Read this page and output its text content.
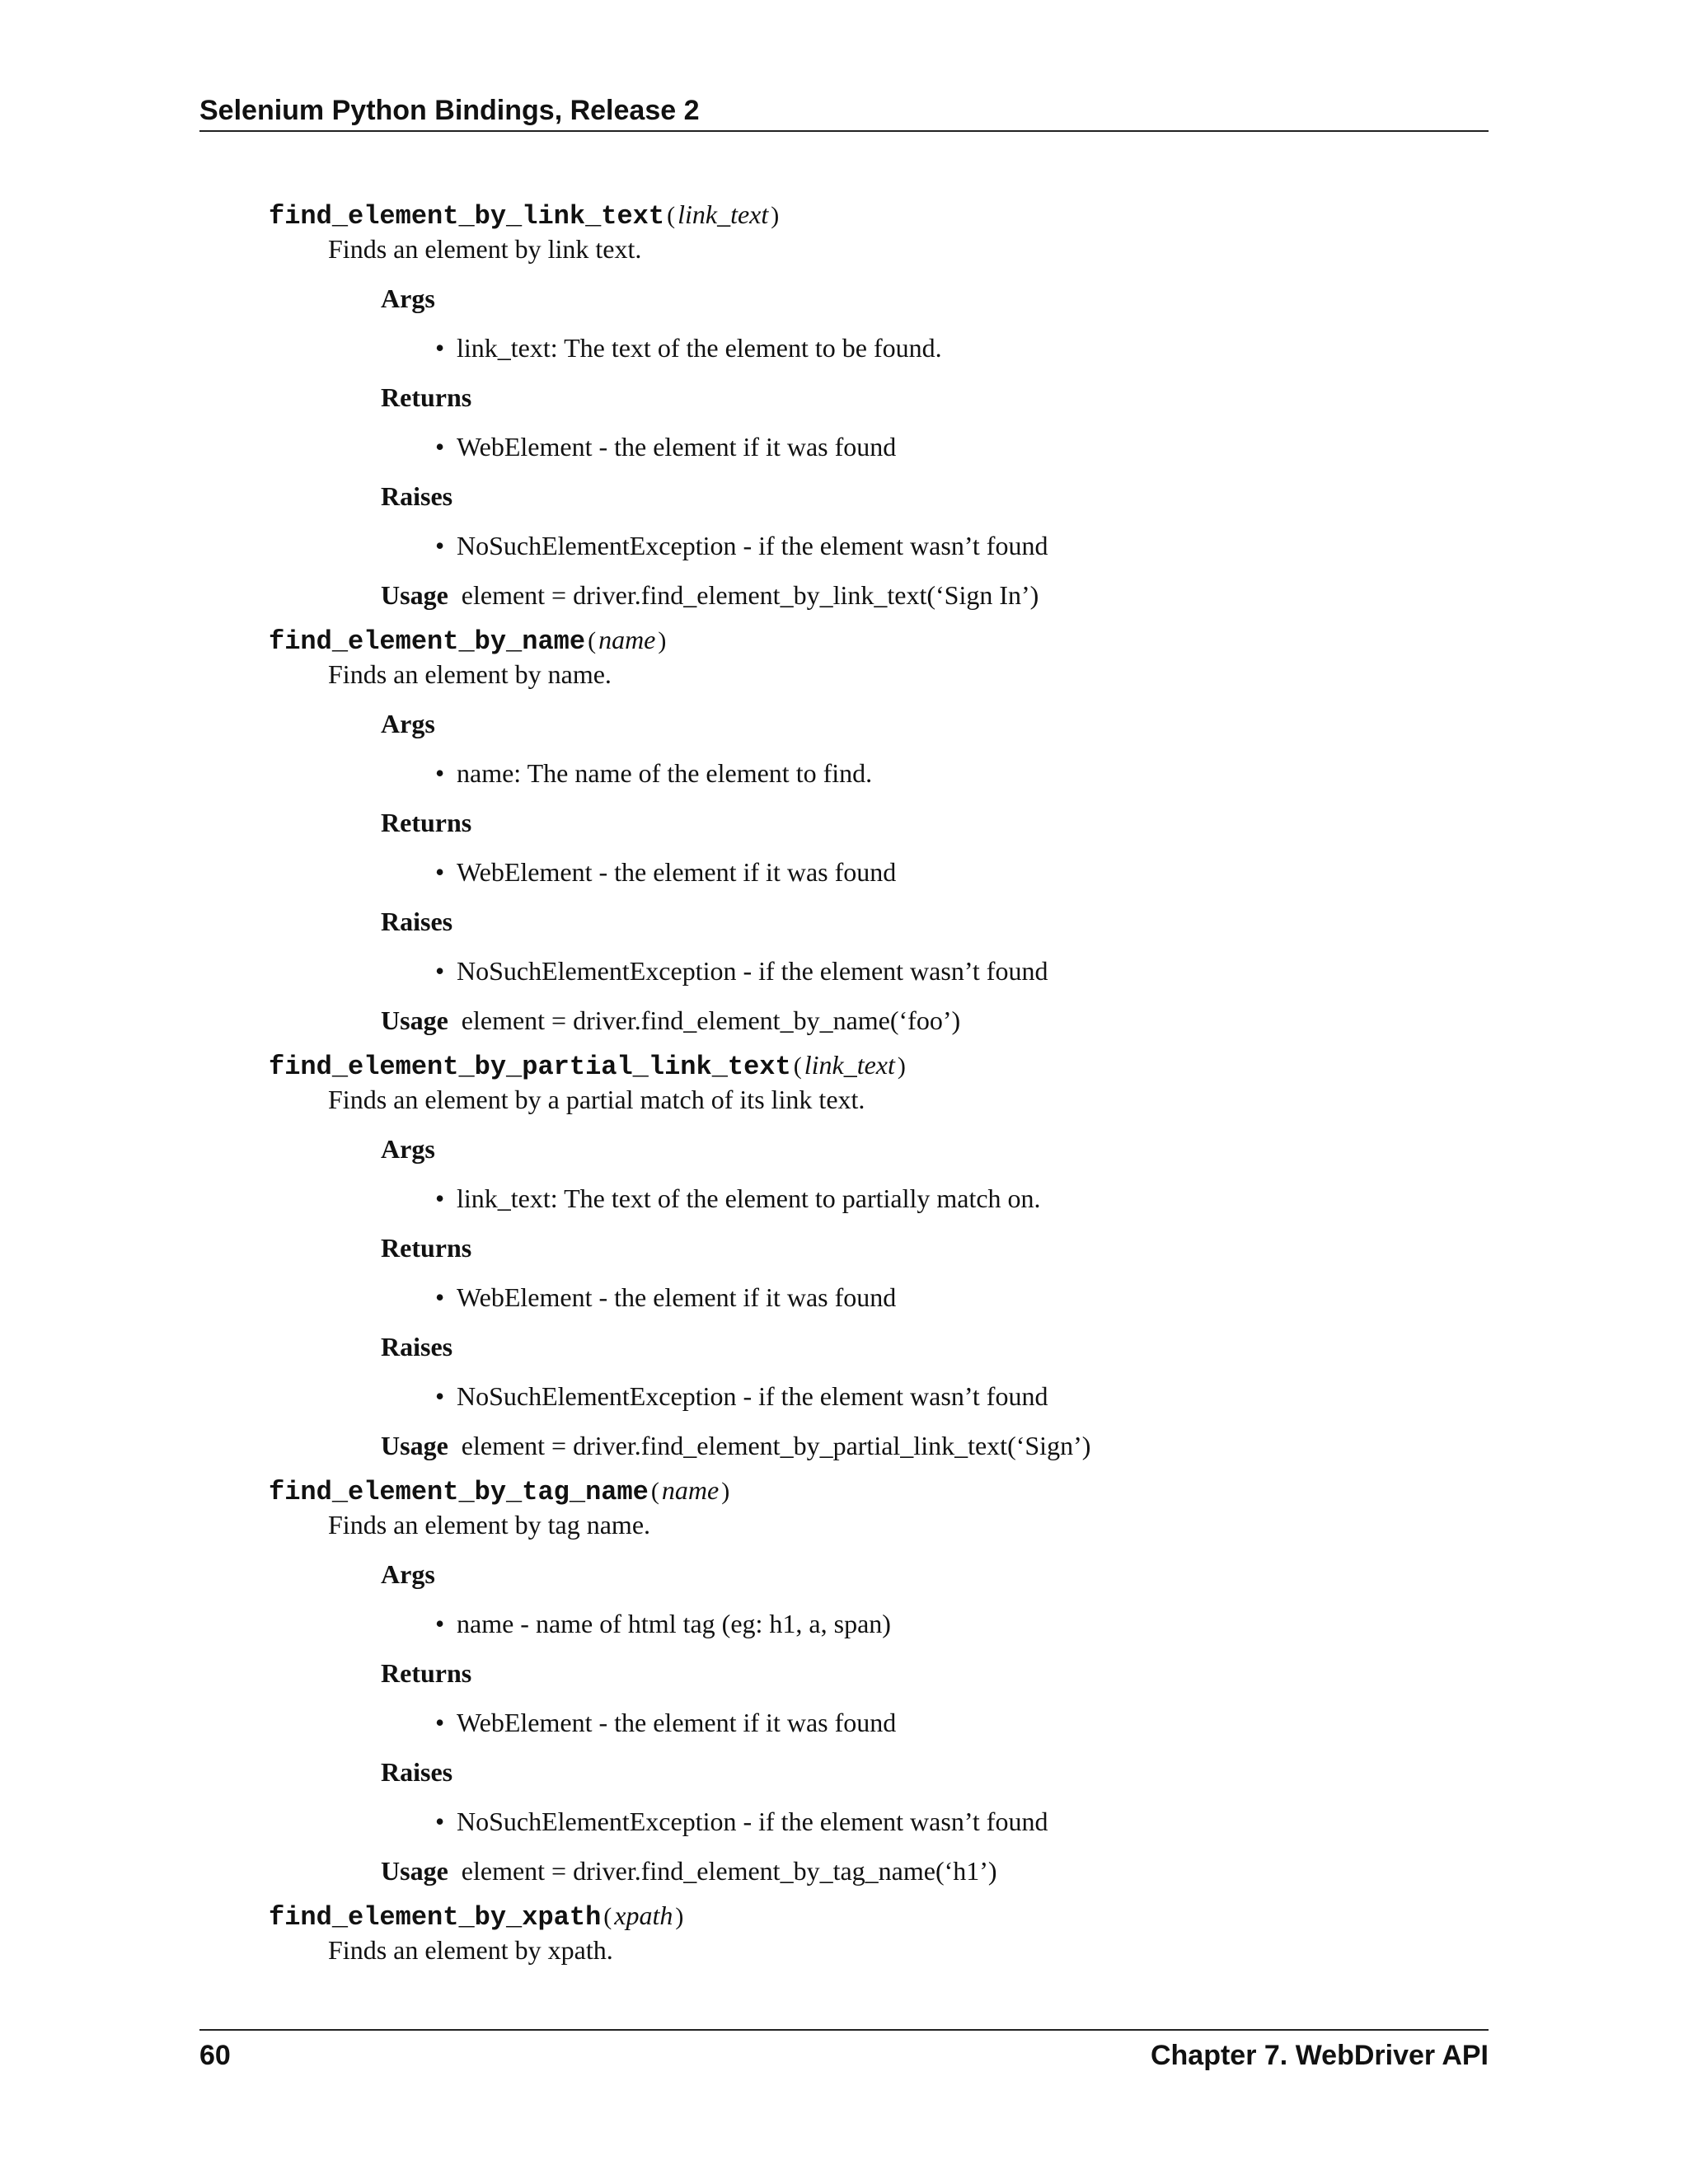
Selenium Python Bindings, Release 2
find_element_by_link_text (link_text )
Finds an element by link text.
Args
• link_text: The text of the element to be found.
Returns
• WebElement - the element if it was found
Raises
• NoSuchElementException - if the element wasn’t found
Usage element = driver.find_element_by_link_text(‘Sign In’)
find_element_by_name (name )
Finds an element by name.
Args
• name: The name of the element to find.
Returns
• WebElement - the element if it was found
Raises
• NoSuchElementException - if the element wasn’t found
Usage element = driver.find_element_by_name(‘foo’)
find_element_by_partial_link_text (link_text )
Finds an element by a partial match of its link text.
Args
• link_text: The text of the element to partially match on.
Returns
• WebElement - the element if it was found
Raises
• NoSuchElementException - if the element wasn’t found
Usage element = driver.find_element_by_partial_link_text(‘Sign’)
find_element_by_tag_name (name )
Finds an element by tag name.
Args
• name - name of html tag (eg: h1, a, span)
Returns
• WebElement - the element if it was found
Raises
• NoSuchElementException - if the element wasn’t found
Usage element = driver.find_element_by_tag_name(‘h1’)
find_element_by_xpath (xpath )
Finds an element by xpath.
60	Chapter 7. WebDriver API
